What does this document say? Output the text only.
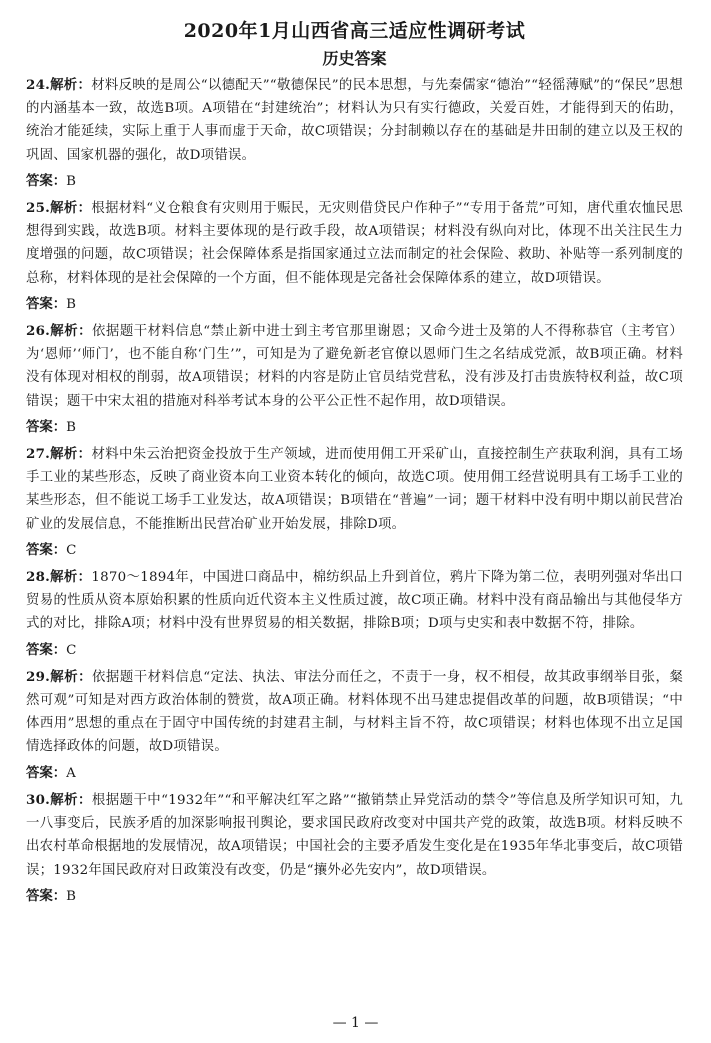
2020年1月山西省高三适应性调研考试
历史答案
24.解析：材料反映的是周公“以德配天”“敬德保民”的民本思想，与先秦儒家“德治”“轻徭薄赋”的“保民”思想的内涵基本一致，故选B项。A项错在“封建统治”；材料认为只有实行德政，关爱百姓，才能得到天的佑助，统治才能延续，实际上重于人事而虚于天命，故C项错误；分封制赖以存在的基础是井田制的建立以及王权的巩固、国家机器的强化，故D项错误。
答案：B
25.解析：根据材料“义仓粮食有灾则用于赈民，无灾则借贷民户作种子”“专用于备荒”可知，唐代重农恤民思想得到实践，故选B项。材料主要体现的是行政手段，故A项错误；材料没有纵向对比，体现不出关注民生力度增强的问题，故C项错误；社会保障体系是指国家通过立法而制定的社会保险、救助、补贴等一系列制度的总称，材料体现的是社会保障的一个方面，但不能体现是完备社会保障体系的建立，故D项错误。
答案：B
26.解析：依据题干材料信息“禁止新中进士到主考官那里谢恩；又命今进士及第的人不得称恭官（主考官）为‘恩师’‘师门’，也不能自称‘门生’”，可知是为了避免新老官僚以恩师门生之名结成党派，故B项正确。材料没有体现对相权的削弱，故A项错误；材料的内容是防止官员结党营私，没有涉及打击贵族特权利益，故C项错误；题干中宋太祖的措施对科举考试本身的公平公正性不起作用，故D项错误。
答案：B
27.解析：材料中朱云治把资金投放于生产领域，进而使用佣工开采矿山，直接控制生产获取利润，具有工场手工业的某些形态，反映了商业资本向工业资本转化的倾向，故选C项。使用佣工经营说明具有工场手工业的某些形态，但不能说工场手工业发达，故A项错误；B项错在“普遍”一词；题干材料中没有明中期以前民营冶矿业的发展信息，不能推断出民营冶矿业开始发展，排除D项。
答案：C
28.解析：1870～1894年，中国进口商品中，棉纺织品上升到首位，鸦片下降为第二位，表明列强对华出口贸易的性质从资本原始积累的性质向近代资本主义性质过渡，故C项正确。材料中没有商品输出与其他侵华方式的对比，排除A项；材料中没有世界贸易的相关数据，排除B项；D项与史实和表中数据不符，排除。
答案：C
29.解析：依据题干材料信息“定法、执法、审法分而任之，不责于一身，权不相侵，故其政事纲举目张，粲然可观”可知是对西方政治体制的赞赏，故A项正确。材料体现不出马建忠提倡改革的问题，故B项错误；“中体西用”思想的重点在于固守中国传统的封建君主制，与材料主旨不符，故C项错误；材料也体现不出立足国情选择政体的问题，故D项错误。
答案：A
30.解析：根据题干中“1932年”“和平解决红军之路”“撤销禁止异党活动的禁令”等信息及所学知识可知，九一八事变后，民族矛盾的加深影响报刊舆论，要求国民政府改变对中国共产党的政策，故选B项。材料反映不出农村革命根据地的发展情况，故A项错误；中国社会的主要矛盾发生变化是在1935年华北事变后，故C项错误；1932年国民政府对日政策没有改变，仍是“攘外必先安内”，故D项错误。
答案：B
— 1 —
